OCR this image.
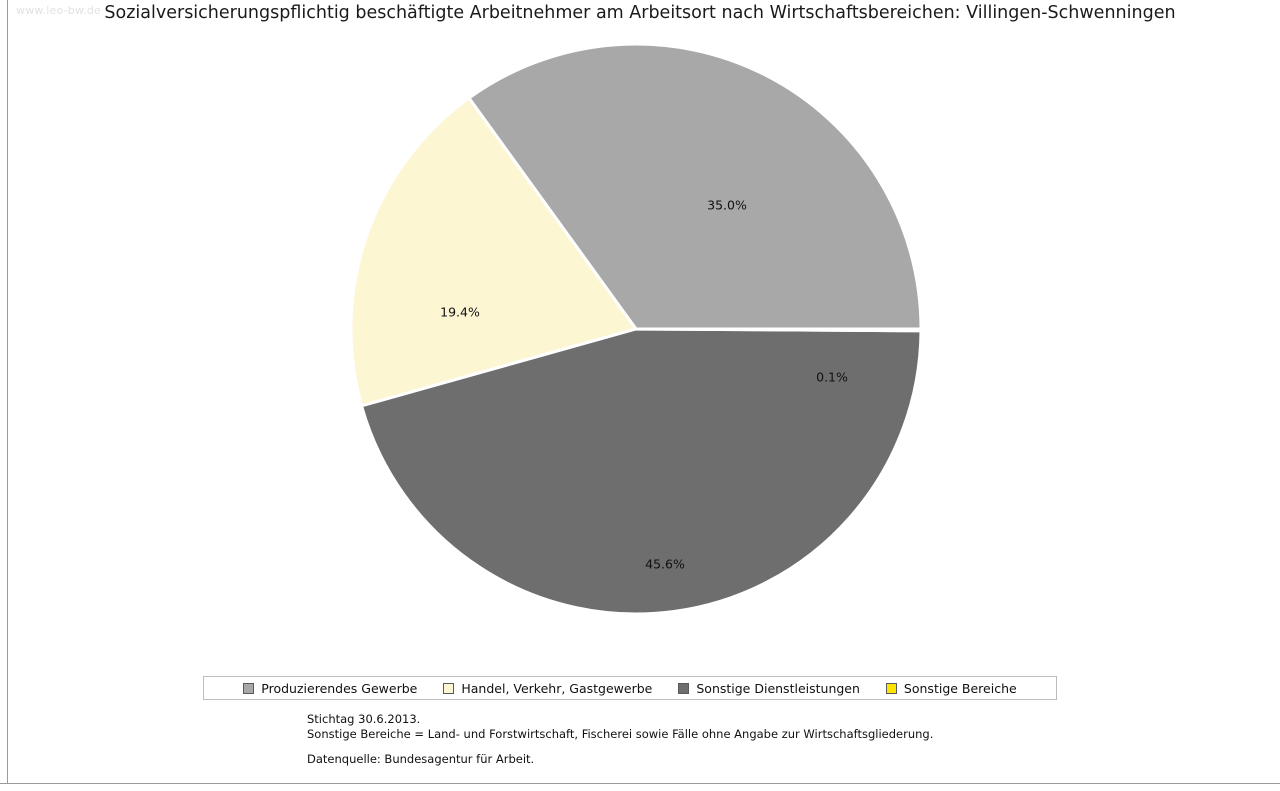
www.leo-bw.de Sozialversicherungspflichtig beschäftigte Arbeitnehmer am Arbeitsort nach Wirtschaftsbereichen: Villingen-Schwenningen
35.0%
19.4%
45.6%
0.1%
Produzierendes Gewerbe	Handel, Verkehr, Gastgewerbe	Sonstige Dienstleistungen	Sonstige Bereiche
Stichtag 30.6.2013.
Sonstige Bereiche = Land- und Forstwirtschaft, Fischerei sowie Fälle ohne Angabe zur Wirtschaftsgliederung.
Datenquelle: Bundesagentur für Arbeit.
